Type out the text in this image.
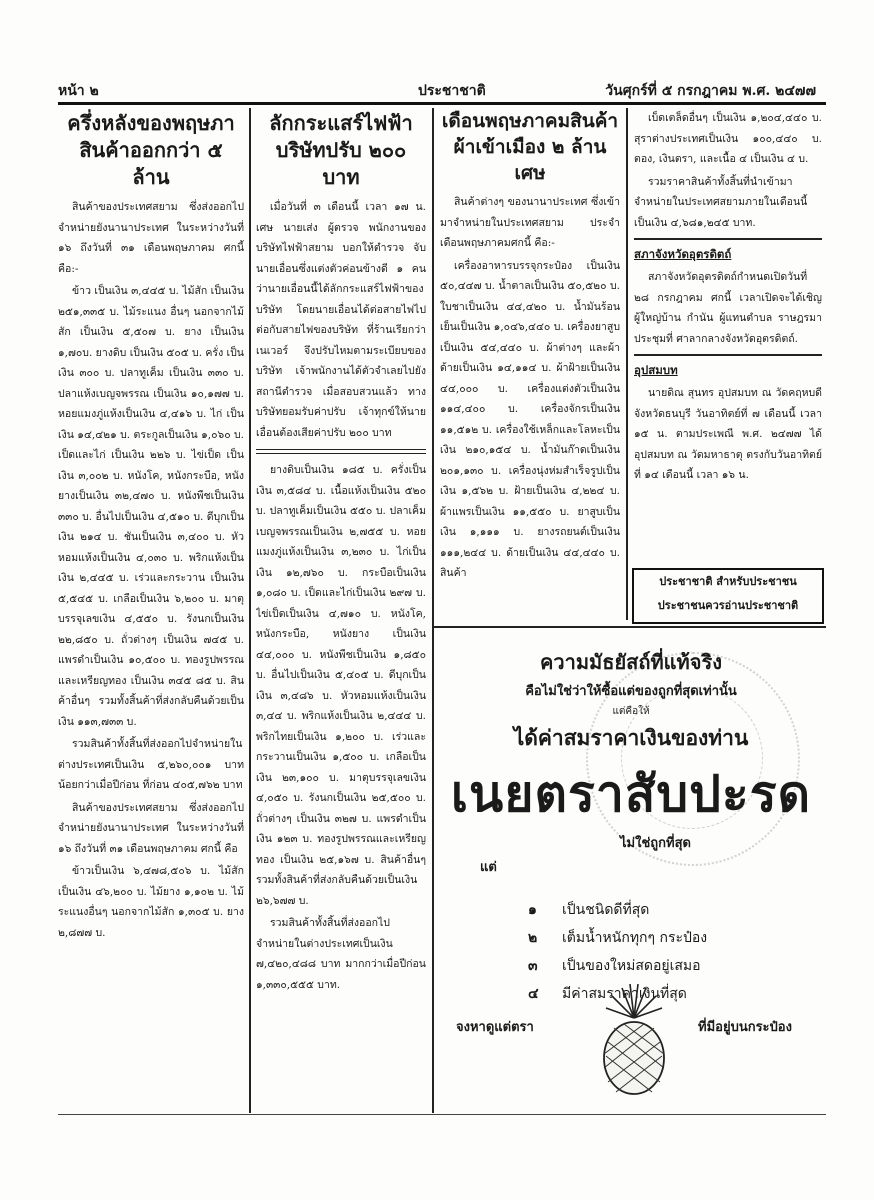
หน้า ๒	ประชาชาติ	วันศุกร์ที่ ๕ กรกฎาคม พ.ศ. ๒๔๗๗
ครึ่งหลังของพฤษภา สินค้าออกกว่า ๕ ล้าน

สินค้าของประเทศสยาม ซึ่งส่งออกไปจำหน่ายยังนานาประเทศ ในระหว่างวันที่ ๑๖ ถึงวันที่ ๓๑ เดือนพฤษภาคม ศกนี้ คือ:-

ข้าว เป็นเงิน ๓,๔๔๕ บ. ไม้สัก เป็นเงิน ๒๕๑,๓๓๕ บ. ไม้ระแนง อื่นๆ นอกจากไม้สัก เป็นเงิน ๕,๕๐๗ บ. ยาง เป็นเงิน ๑,๗๐บ. ยางดิบ เป็นเงิน ๕๐๕ บ. ครั่ง เป็นเงิน ๓๐๐ บ. ปลาทูเค็ม เป็นเงิน ๓๓๐ บ. ปลาแห้งเบญจพรรณ เป็นเงิน ๑๐,๑๗๗ บ. หอยแมงภู่แห้งเป็นเงิน ๔,๔๑๖ บ. ไก่ เป็นเงิน ๑๔,๔๒๑ บ. ตระกูลเป็นเงิน ๑,๐๖๐ บ. เป็ดและไก่ เป็นเงิน ๒๒๖ บ. ไข่เป็ด เป็นเงิน ๓,๐๐๒ บ. หนังโค, หนังกระบือ, หนังยางเป็นเงิน ๓๒,๔๗๐ บ. หนังพืชเป็นเงิน ๓๓๐ บ. อื่นไปเป็นเงิน ๔,๕๑๐ บ. ดีบุกเป็นเงิน ๒๑๔ บ. ชันเป็นเงิน ๓,๔๐๐ บ. หัวหอมแห้งเป็นเงิน ๔,๐๓๐ บ. พริกแห้งเป็นเงิน ๒,๔๔๕ บ. เร่วและกระวาน เป็นเงิน ๕,๕๔๕ บ. เกลือเป็นเงิน ๖,๒๐๐ บ. มาตุบรรจุเลขเงิน ๔,๕๕๐ บ. รังนกเป็นเงิน ๒๒,๘๕๐ บ. ถั่วต่างๆ เป็นเงิน ๗๔๕ บ. แพรดำเป็นเงิน ๑๐,๕๐๐ บ. ทองรูปพรรณและเหรียญทอง เป็นเงิน ๓๔๕ ๘๕ บ. สินค้าอื่นๆ รวมทั้งสิ้นค้าที่ส่งกลับคืนด้วยเป็นเงิน ๑๑๓,๗๓๓ บ.

รวมสินค้าทั้งสิ้นที่ส่งออกไปจำหน่ายในต่างประเทศเป็นเงิน ๕,๒๖๐,๐๐๑ บาท น้อยกว่าเมื่อปีก่อน ที่ก่อน ๔๐๕,๗๖๒ บาท

สินค้าของประเทศสยาม ซึ่งส่งออกไปจำหน่ายยังนานาประเทศ ในระหว่างวันที่ ๑๖ ถึงวันที่ ๓๑ เดือนพฤษภาคม ศกนี้ คือ

ข้าวเป็นเงิน ๖,๔๗๘,๕๐๖ บ. ไม้สักเป็นเงิน ๔๖,๒๐๐ บ. ไม้ยาง ๑,๑๐๒ บ. ไม้ระแนงอื่นๆ นอกจากไม้สัก ๑,๓๐๕ บ. ยาง ๒,๘๗๗ บ.

ลักกระแสร์ไฟฟ้า บริษัทปรับ ๒๐๐ บาท

เมื่อวันที่ ๓ เดือนนี้ เวลา ๑๗ น. เศษ นายเส่ง ผู้ตรวจ พนักงานของบริษัทไฟฟ้าสยาม บอกให้ตำรวจ จับนายเอื่อนซึ่งแต่งตัวค่อนข้างดี ๑ คน ว่านายเอื่อนนี้ได้ลักกระแสร์ไฟฟ้าของบริษัท โดยนายเอื่อนได้ต่อสายไฟไปต่อกับสายไฟของบริษัท ที่ร้านเรียกว่าเนเวอร์ จึงปรับไหมตามระเบียบของบริษัท เจ้าพนักงานได้ตัวจำเลยไปยังสถานีตำรวจ เมื่อสอบสวนแล้ว ทางบริษัทยอมรับค่าปรับ เจ้าทุกข์ให้นายเอื่อนต้องเสียค่าปรับ ๒๐๐ บาท

ยางดิบเป็นเงิน ๑๘๕ บ. ครั่งเป็นเงิน ๓,๕๘๔ บ. เนื้อแห้งเป็นเงิน ๕๒๐ บ. ปลาทูเค็มเป็นเงิน ๕๕๐ บ. ปลาเค็มเบญจพรรณเป็นเงิน ๒,๗๕๕ บ. หอยแมงภู่แห้งเป็นเงิน ๓,๒๓๐ บ. ไก่เป็นเงิน ๑๒,๗๖๐ บ. กระบือเป็นเงิน ๑,๐๘๐ บ. เป็ดและไก่เป็นเงิน ๒๙๗ บ. ไข่เป็ดเป็นเงิน ๔,๗๑๐ บ. หนังโค, หนังกระบือ, หนังยาง เป็นเงิน ๔๔,๐๐๐ บ. หนังพืชเป็นเงิน ๑,๘๕๐ บ. อื่นไปเป็นเงิน ๕,๔๐๕ บ. ดีบุกเป็นเงิน ๓,๔๘๖ บ. หัวหอมแห้งเป็นเงิน ๓,๔๔ บ. พริกแห้งเป็นเงิน ๒,๔๔๔ บ. พริกไทยเป็นเงิน ๑,๒๐๐ บ. เร่วและกระวานเป็นเงิน ๑,๕๐๐ บ. เกลือเป็นเงิน ๒๓,๑๐๐ บ. มาตุบรรจุเลขเงิน ๔,๐๕๐ บ. รังนกเป็นเงิน ๒๕,๕๐๐ บ. ถั่วต่างๆ เป็นเงิน ๓๒๗ บ. แพรดำเป็นเงิน ๑๒๓ บ. ทองรูปพรรณและเหรียญทอง เป็นเงิน ๒๕,๑๖๗ บ. สินค้าอื่นๆ รวมทั้งสินค้าที่ส่งกลับคืนด้วยเป็นเงิน ๒๖,๖๗๗ บ.

รวมสินค้าทั้งสิ้นที่ส่งออกไปจำหน่ายในต่างประเทศเป็นเงิน ๗,๔๒๐,๔๘๘ บาท มากกว่าเมื่อปีก่อน ๑,๓๓๐,๕๕๕ บาท.

เดือนพฤษภาคมสินค้า ผ้าเข้าเมือง ๒ ล้านเศษ

สินค้าต่างๆ ของนานาประเทศ ซึ่งเข้ามาจำหน่ายในประเทศสยาม ประจำเดือนพฤษภาคมศกนี้ คือ:-

เครื่องอาหารบรรจุกระป๋อง เป็นเงิน ๕๐,๔๔๗ บ. น้ำตาลเป็นเงิน ๕๐,๕๒๐ บ. ใบชาเป็นเงิน ๔๔,๔๒๐ บ. น้ำมันร้อนเย็นเป็นเงิน ๑,๐๔๖,๔๔๐ บ. เครื่องยาสูบเป็นเงิน ๕๔,๔๔๐ บ. ผ้าต่างๆ และผ้าด้ายเป็นเงิน ๑๔,๑๑๔ บ. ผ้าฝ้ายเป็นเงิน ๔๔,๐๐๐ บ. เครื่องแต่งตัวเป็นเงิน ๑๑๔,๔๐๐ บ. เครื่องจักรเป็นเงิน ๑๑,๕๑๒ บ. เครื่องใช้เหล็กและโลหะเป็นเงิน ๒๑๐,๑๕๔ บ. น้ำมันก๊าดเป็นเงิน ๒๐๑,๑๓๐ บ. เครื่องนุ่งห่มสำเร็จรูปเป็นเงิน ๑,๕๖๒ บ. ฝ้ายเป็นเงิน ๔,๒๒๔ บ. ผ้าแพรเป็นเงิน ๑๑,๕๕๐ บ. ยาสูบเป็นเงิน ๑,๑๑๑ บ. ยางรถยนต์เป็นเงิน ๑๑๑,๒๔๔ บ. ด้ายเป็นเงิน ๔๔,๔๔๐ บ. สินค้า

เบ็ดเตล็ดอื่นๆ เป็นเงิน ๑,๒๐๔,๔๔๐ บ. สุราต่างประเทศเป็นเงิน ๑๐๐,๔๔๐ บ. ตอง, เงินตรา, และเนื้อ ๔ เป็นเงิน ๔ บ.

รวมราคาสินค้าทั้งสิ้นที่นำเข้ามาจำหน่ายในประเทศสยามภายในเดือนนี้ เป็นเงิน ๔,๖๘๑,๒๔๕ บาท.

สภาจังหวัดอุตรดิตถ์

สภาจังหวัดอุตรดิตถ์กำหนดเปิดวันที่ ๒๘ กรกฎาคม ศกนี้ เวลาเปิดจะได้เชิญผู้ใหญ่บ้าน กำนัน ผู้แทนตำบล ราษฎรมาประชุมที่ ศาลากลางจังหวัดอุตรดิตถ์.

อุปสมบท

นายดิณ สุนทร อุปสมบท ณ วัดคฤหบดี จังหวัดธนบุรี วันอาทิตย์ที่ ๗ เดือนนี้ เวลา ๑๕ น. ตามประเพณี พ.ศ. ๒๔๗๗ ได้อุปสมบท ณ วัดมหาธาตุ ตรงกับวันอาทิตย์ที่ ๑๔ เดือนนี้ เวลา ๑๖ น.

ประชาชาติ สำหรับประชาชน
ประชาชนควรอ่านประชาชาติ
ความมัธยัสถ์ที่แท้จริง
คือไม่ใช่ว่าให้ซื้อแต่ของถูกที่สุดเท่านั้น
แต่คือให้
ได้ค่าสมราคาเงินของท่าน
เนยตราสับปะรด
ไม่ใช่ถูกที่สุด
แต่
๑ เป็นชนิดดีที่สุด
๒ เต็มน้ำหนักทุกๆ กระป๋อง
๓ เป็นของใหม่สดอยู่เสมอ
๔ มีค่าสมราคาเงินที่สุด
จงหาดูแต่ตรา	ที่มีอยู่บนกระป๋อง
